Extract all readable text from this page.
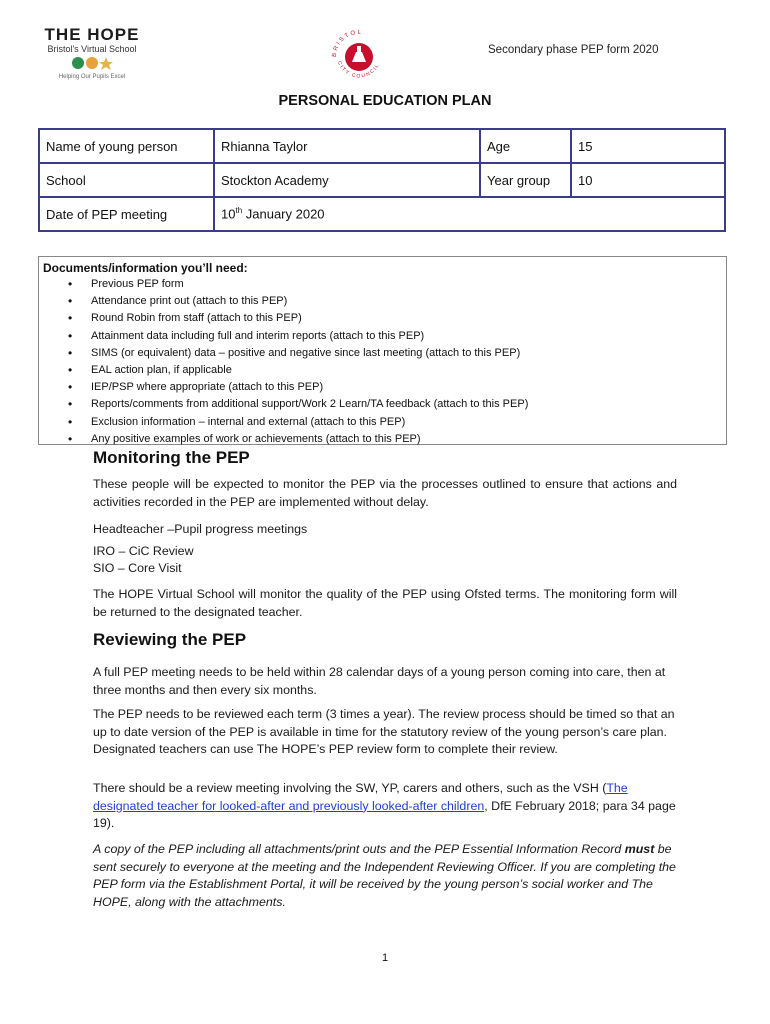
THE HOPE
Bristol's Virtual School
Helping Our Pupils Excel
BRISTOL
CITY COUNCIL
Secondary phase PEP form 2020
PERSONAL EDUCATION PLAN
Name of young person	Rhianna Taylor	Age	15
School	Stockton Academy	Year group	10
Date of PEP meeting	10th January 2020		
Documents/information you’ll need:
• Previous PEP form
• Attendance print out (attach to this PEP)
• Round Robin from staff (attach to this PEP)
• Attainment data including full and interim reports (attach to this PEP)
• SIMS (or equivalent) data – positive and negative since last meeting (attach to this PEP)
• EAL action plan, if applicable
• IEP/PSP where appropriate (attach to this PEP)
• Reports/comments from additional support/Work 2 Learn/TA feedback (attach to this PEP)
• Exclusion information – internal and external (attach to this PEP)
• Any positive examples of work or achievements (attach to this PEP)
Monitoring the PEP
These people will be expected to monitor the PEP via the processes outlined to ensure that actions and activities recorded in the PEP are implemented without delay.
Headteacher –Pupil progress meetings
IRO – CiC Review
SIO – Core Visit
The HOPE Virtual School will monitor the quality of the PEP using Ofsted terms. The monitoring form will be returned to the designated teacher.
Reviewing the PEP
A full PEP meeting needs to be held within 28 calendar days of a young person coming into care, then at three months and then every six months.
The PEP needs to be reviewed each term (3 times a year). The review process should be timed so that an up to date version of the PEP is available in time for the statutory review of the young person’s care plan. Designated teachers can use The HOPE’s PEP review form to complete their review.
There should be a review meeting involving the SW, YP, carers and others, such as the VSH (The designated teacher for looked-after and previously looked-after children, DfE February 2018; para 34 page 19).
A copy of the PEP including all attachments/print outs and the PEP Essential Information Record must be sent securely to everyone at the meeting and the Independent Reviewing Officer. If you are completing the PEP form via the Establishment Portal, it will be received by the young person’s social worker and The HOPE, along with the attachments.
1
